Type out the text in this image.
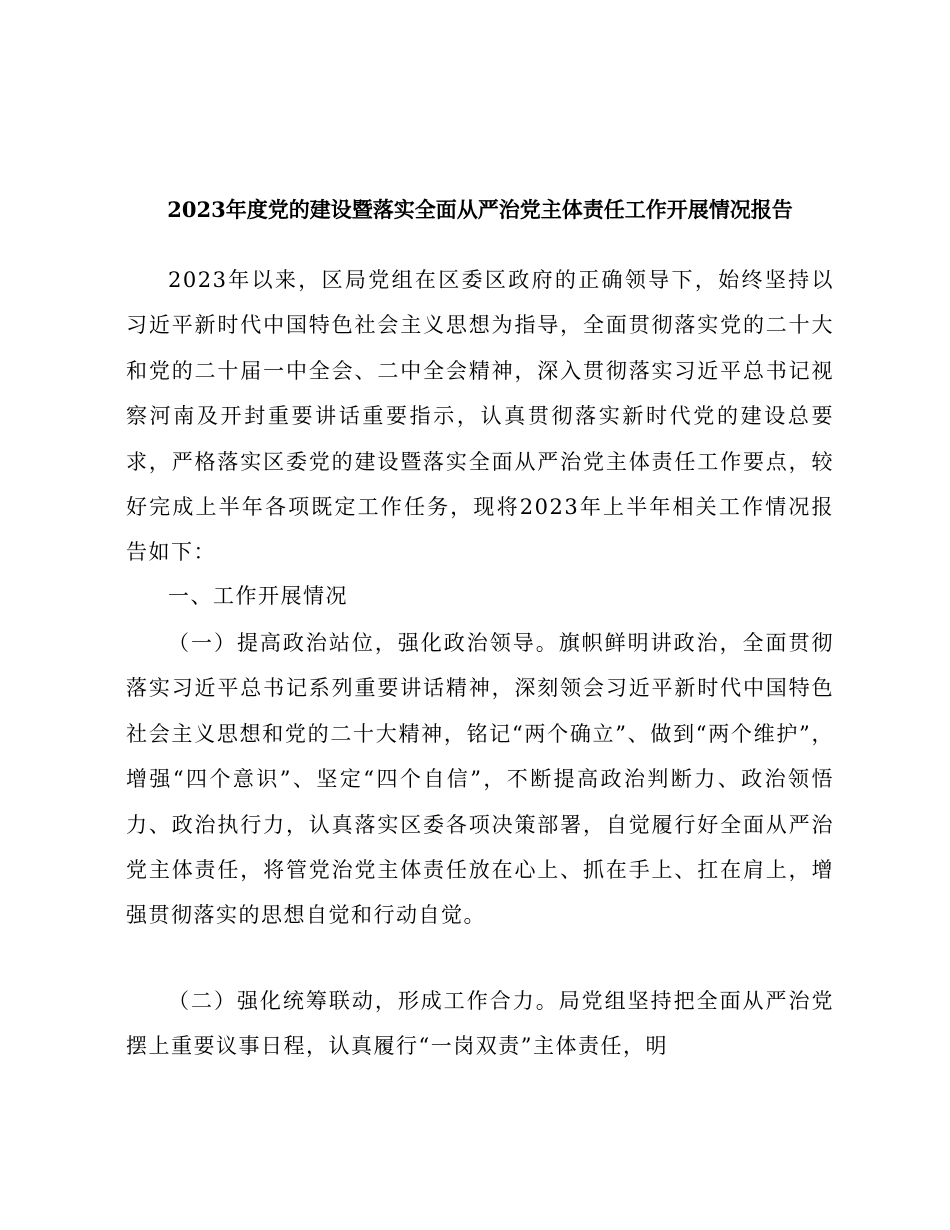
2023年度党的建设暨落实全面从严治党主体责任工作开展情况报告

2023年以来，区局党组在区委区政府的正确领导下，始终坚持以习近平新时代中国特色社会主义思想为指导，全面贯彻落实党的二十大和党的二十届一中全会、二中全会精神，深入贯彻落实习近平总书记视察河南及开封重要讲话重要指示，认真贯彻落实新时代党的建设总要求，严格落实区委党的建设暨落实全面从严治党主体责任工作要点，较好完成上半年各项既定工作任务，现将2023年上半年相关工作情况报告如下：

一、工作开展情况

（一）提高政治站位，强化政治领导。旗帜鲜明讲政治，全面贯彻落实习近平总书记系列重要讲话精神，深刻领会习近平新时代中国特色社会主义思想和党的二十大精神，铭记“两个确立”、做到“两个维护”，增强“四个意识”、坚定“四个自信”，不断提高政治判断力、政治领悟力、政治执行力，认真落实区委各项决策部署，自觉履行好全面从严治党主体责任，将管党治党主体责任放在心上、抓在手上、扛在肩上，增强贯彻落实的思想自觉和行动自觉。

（二）强化统筹联动，形成工作合力。局党组坚持把全面从严治党摆上重要议事日程，认真履行“一岗双责”主体责任，明
